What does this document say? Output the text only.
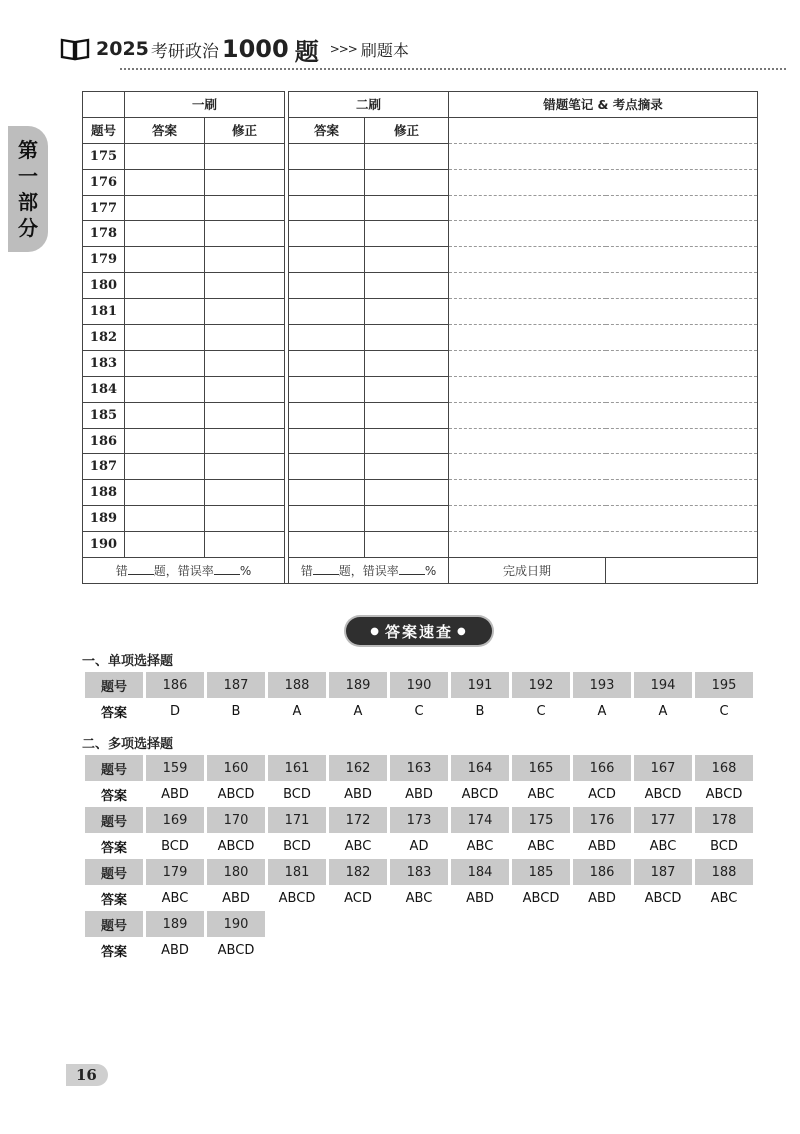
2025 考研政治 1000 题 >>> 刷题本
第
一
部
分
	一刷			二刷		错题笔记 & 考点摘录	
题号	答案	修正		答案	修正		
175							
176							
177							
178							
179							
180							
181							
182							
183							
184							
185							
186							
187							
188							
189							
190							
错 题，错误率 %				错 题，错误率 %		完成日期	
● 答案速查 ●
一、单项选择题
题号	186	187	188	189	190	191	192	193	194	195
答案	D	B	A	A	C	B	C	A	A	C
二、多项选择题
题号	159	160	161	162	163	164	165	166	167	168
答案	ABD	ABCD	BCD	ABD	ABD	ABCD	ABC	ACD	ABCD	ABCD
题号	169	170	171	172	173	174	175	176	177	178
答案	BCD	ABCD	BCD	ABC	AD	ABC	ABC	ABD	ABC	BCD
题号	179	180	181	182	183	184	185	186	187	188
答案	ABC	ABD	ABCD	ACD	ABC	ABD	ABCD	ABD	ABCD	ABC
题号	189	190								
答案	ABD	ABCD								
16
